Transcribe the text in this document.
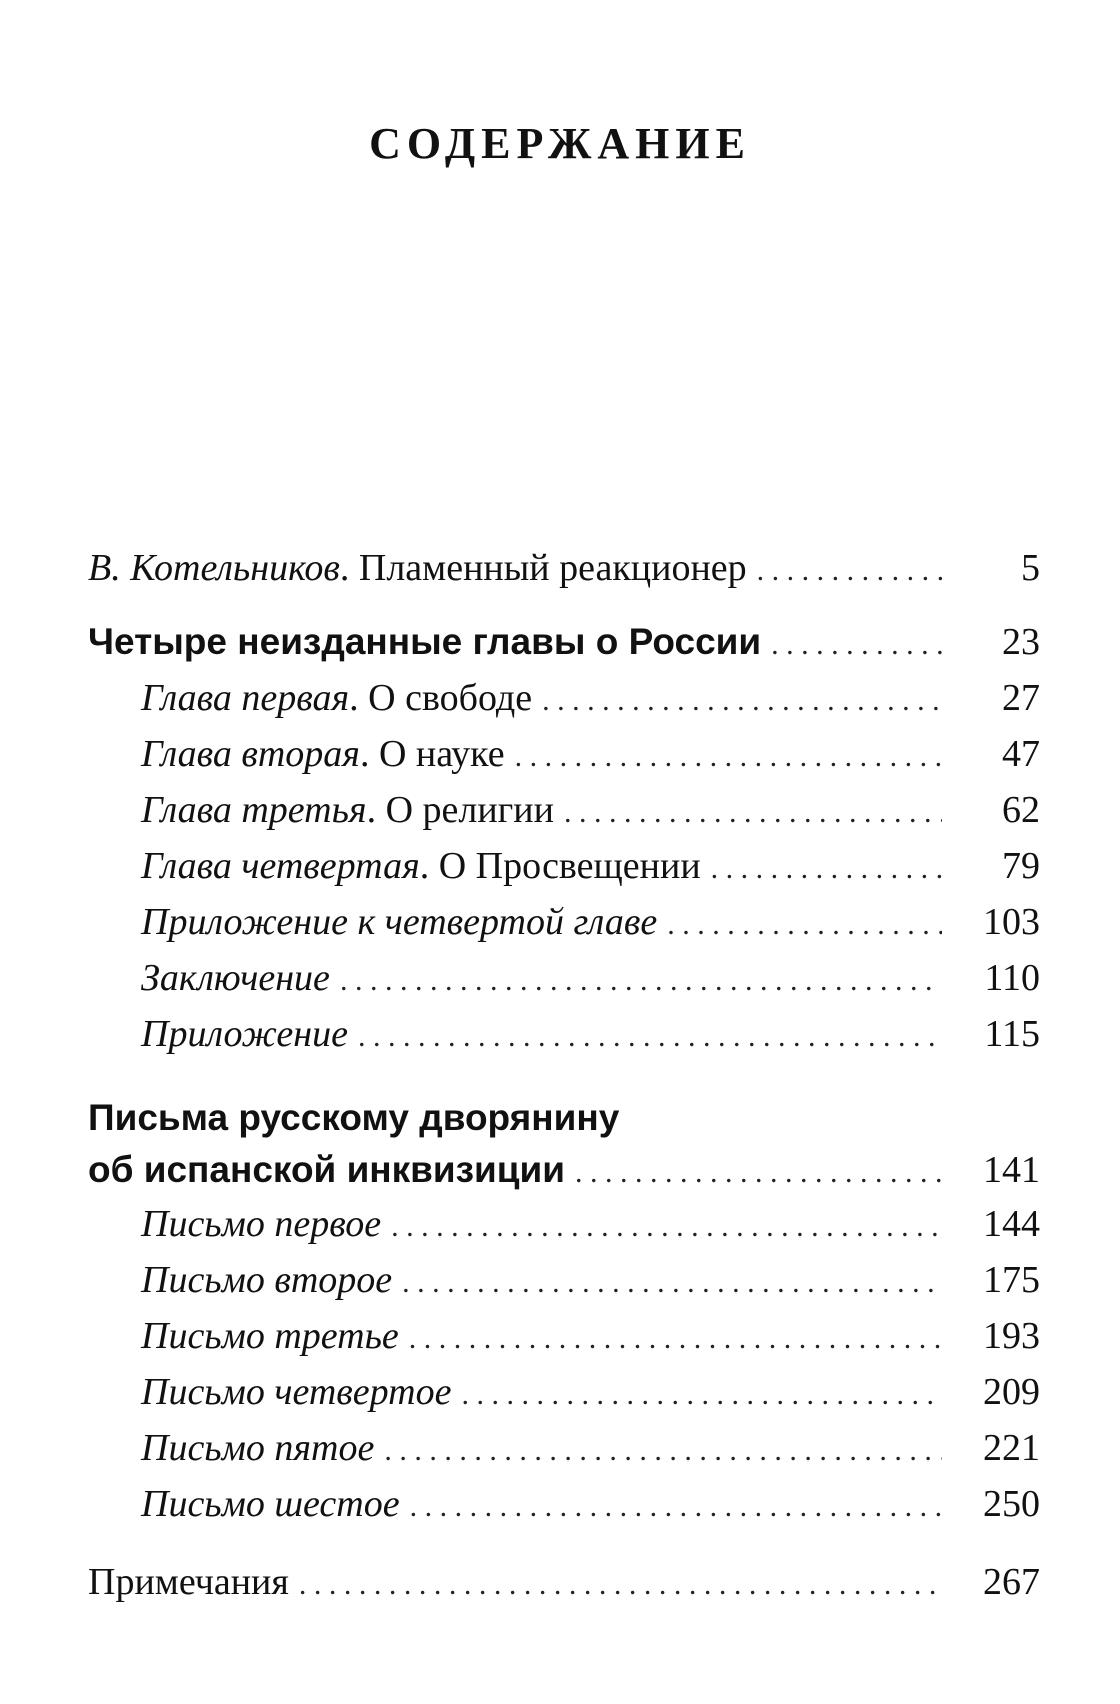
СОДЕРЖАНИЕ
В. Котельников. Пламенный реакционер . . .	5
Четыре неизданные главы о России . . .	23
Глава первая. О свободе . . .	27
Глава вторая. О науке . . .	47
Глава третья. О религии . . .	62
Глава четвертая. О Просвещении . . .	79
Приложение к четвертой главе . . .	103
Заключение . . .	110
Приложение . . .	115
Письма русскому дворянину
об испанской инквизиции . . .	141
Письмо первое . . .	144
Письмо второе . . .	175
Письмо третье . . .	193
Письмо четвертое . . .	209
Письмо пятое . . .	221
Письмо шестое . . .	250
Примечания . . .	267
